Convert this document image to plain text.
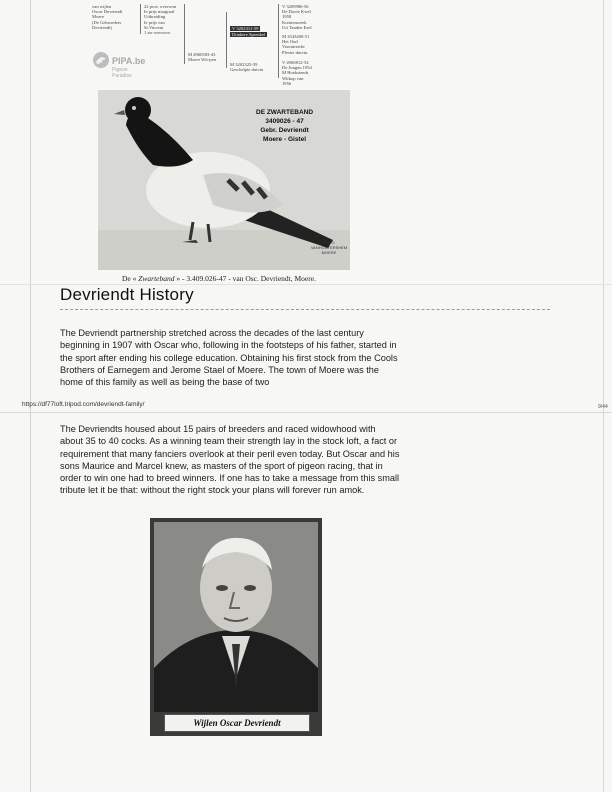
van wijlen
Oscar Devriendt
Moere
(De Gebroeders
Devriendt)
22 prov. overwon
Ie prijs margraaf
Uitbreiding
Ie prijs van
St.Vincent
1 ste overwon
M 4960583-43
Moere Wit-pen
V 3202311-59
Donkere Sprenkel
M 3202325-59
Geschelpte duivin
V 3269986-56
De Dooie Kwel
1958
Kreutenweek
Uit Tanden Ezel
M 3543400-51
Het Oud
Vooruitzicht
Plesier duivin
V 4960812-54
De Jongen 1954
M Hoeksteeds
Witkop van
1956
PIPA.be
Pigeon Paradise
DE ZWARTEBAND
3409026 - 47
Gebr. Devriendt
Moere - Gistel
FOTO VANHONTERSHEM
MOERE
De « Zwarteband » - 3.409.026-47 - van Osc. Devriendt, Moere.
Devriendt History
The Devriendt partnership stretched across the decades of the last century beginning in 1907 with Oscar who, following in the footsteps of his father, started in the sport after ending his college education. Obtaining his first stock from the Cools Brothers of Earnegem and Jerome Stael of Moere. The town of Moere was the home of this family as well as being the base of two
https://df77loft.tripod.com/devriendt-family/	9/44
The Devriendts housed about 15 pairs of breeders and raced widowhood with about 35 to 40 cocks. As a winning team their strength lay in the stock loft, a fact or requirement that many fanciers overlook at their peril even today. But Oscar and his sons Maurice and Marcel knew, as masters of the sport of pigeon racing, that in order to win one had to breed winners. If one has to take a message from this small tribute let it be that: without the right stock your plans will forever run amok.
Wijlen Oscar Devriendt
